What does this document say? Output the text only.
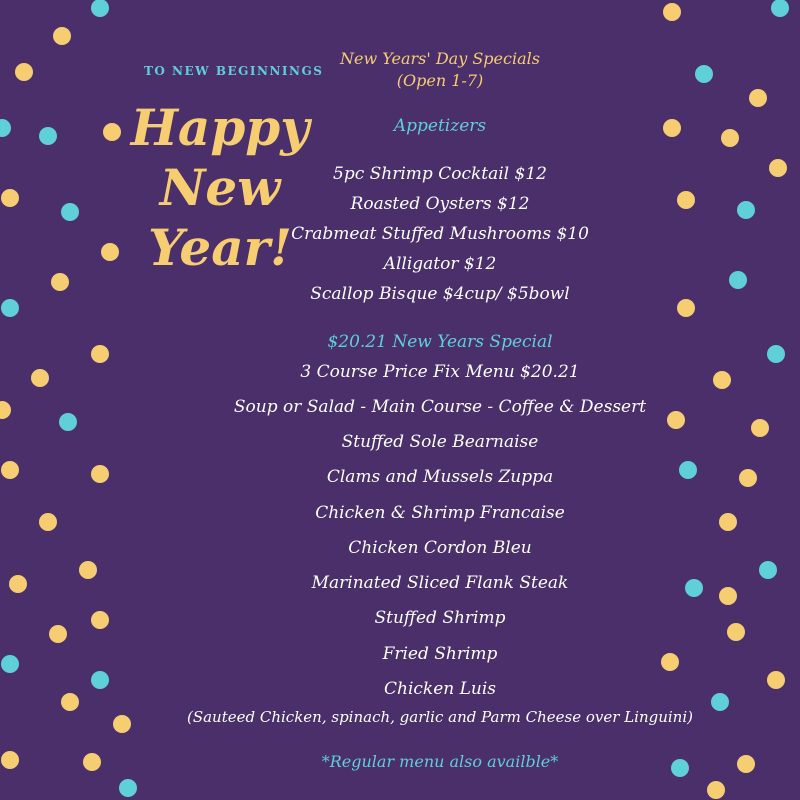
TO NEW BEGINNINGS
Happy
New
Year!
New Years' Day Specials
(Open 1-7)
Appetizers
5pc Shrimp Cocktail $12
Roasted Oysters $12
Crabmeat Stuffed Mushrooms $10
Alligator $12
Scallop Bisque $4cup/ $5bowl
$20.21 New Years Special
3 Course Price Fix Menu $20.21
Soup or Salad - Main Course - Coffee & Dessert
Stuffed Sole Bearnaise
Clams and Mussels Zuppa
Chicken & Shrimp Francaise
Chicken Cordon Bleu
Marinated Sliced Flank Steak
Stuffed Shrimp
Fried Shrimp
Chicken Luis
(Sauteed Chicken, spinach, garlic and Parm Cheese over Linguini)
*Regular menu also availble*
